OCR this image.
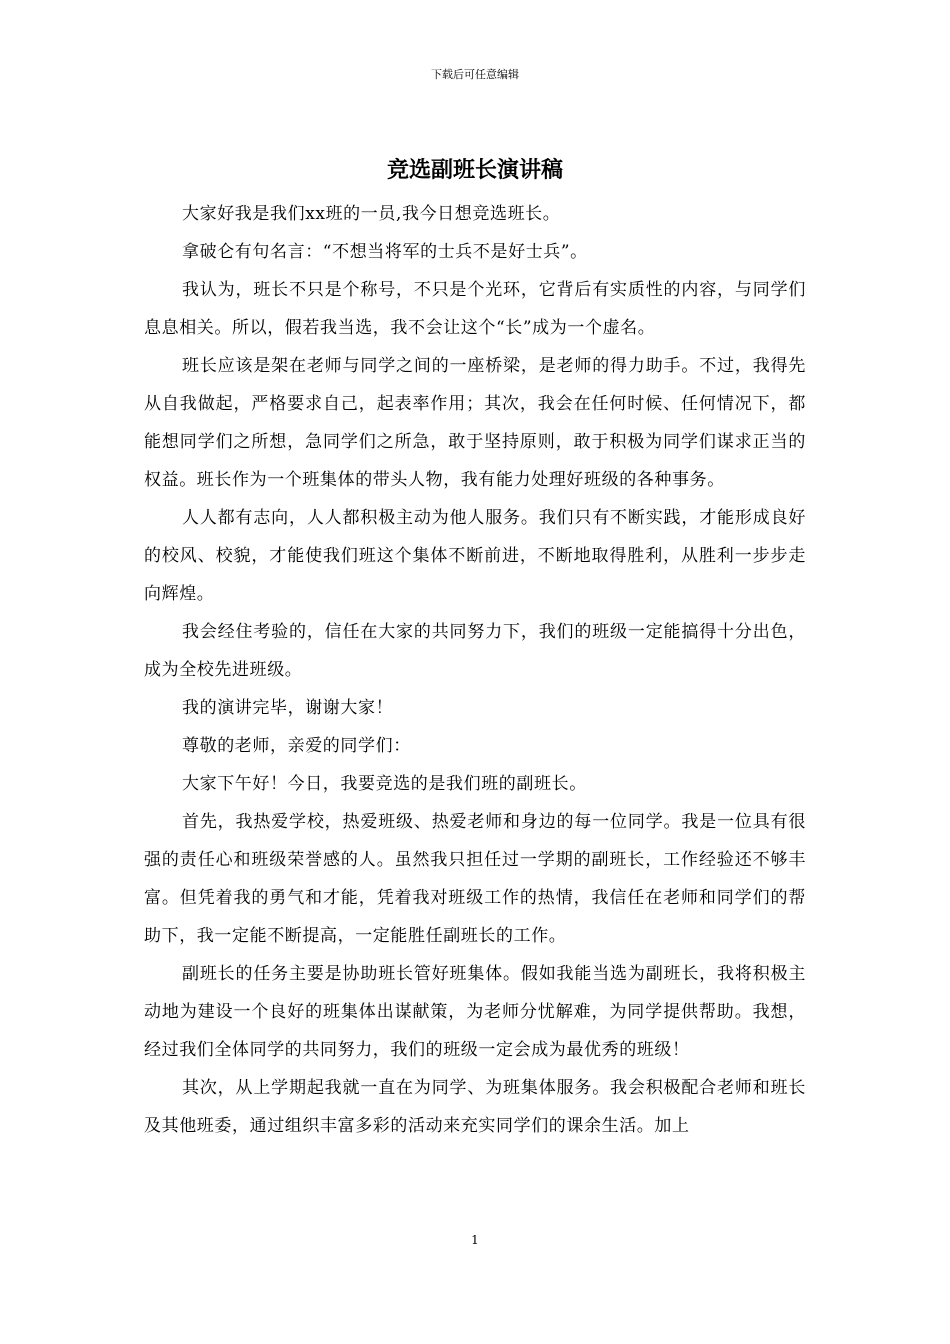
下载后可任意编辑
竞选副班长演讲稿

大家好我是我们xx班的一员,我今日想竞选班长。

拿破仑有句名言：“不想当将军的士兵不是好士兵”。

我认为，班长不只是个称号，不只是个光环，它背后有实质性的内容，与同学们息息相关。所以，假若我当选，我不会让这个“长”成为一个虚名。

班长应该是架在老师与同学之间的一座桥梁，是老师的得力助手。不过，我得先从自我做起，严格要求自己，起表率作用；其次，我会在任何时候、任何情况下，都能想同学们之所想，急同学们之所急，敢于坚持原则，敢于积极为同学们谋求正当的权益。班长作为一个班集体的带头人物，我有能力处理好班级的各种事务。

人人都有志向，人人都积极主动为他人服务。我们只有不断实践，才能形成良好的校风、校貌，才能使我们班这个集体不断前进，不断地取得胜利，从胜利一步步走向辉煌。

我会经住考验的，信任在大家的共同努力下，我们的班级一定能搞得十分出色，成为全校先进班级。

我的演讲完毕，谢谢大家！

尊敬的老师，亲爱的同学们：

大家下午好！今日，我要竞选的是我们班的副班长。

首先，我热爱学校，热爱班级、热爱老师和身边的每一位同学。我是一位具有很强的责任心和班级荣誉感的人。虽然我只担任过一学期的副班长，工作经验还不够丰富。但凭着我的勇气和才能，凭着我对班级工作的热情，我信任在老师和同学们的帮助下，我一定能不断提高，一定能胜任副班长的工作。

副班长的任务主要是协助班长管好班集体。假如我能当选为副班长，我将积极主动地为建设一个良好的班集体出谋献策，为老师分忧解难，为同学提供帮助。我想，经过我们全体同学的共同努力，我们的班级一定会成为最优秀的班级！

其次，从上学期起我就一直在为同学、为班集体服务。我会积极配合老师和班长及其他班委，通过组织丰富多彩的活动来充实同学们的课余生活。加上

1
